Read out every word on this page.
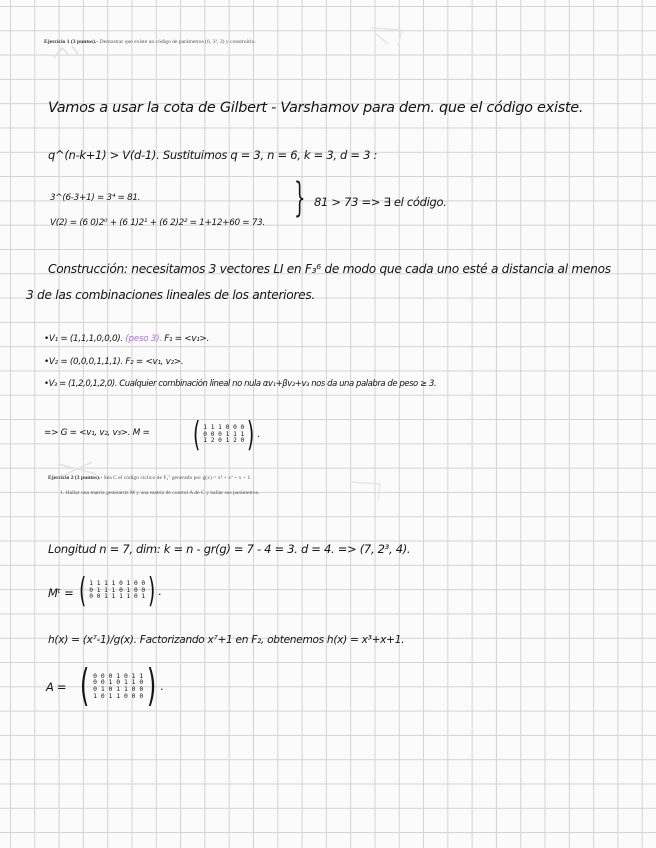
Ejercicio 1 (3 puntos).- Demostrar que existe un código de parámetros (6, 3³, 3) y construirlo.
Vamos a usar la cota de Gilbert - Varshamov para dem. que el código existe.
q^(n-k+1) > V(d-1). Sustituimos q = 3, n = 6, k = 3, d = 3 :
3^(6-3+1) = 3⁴ = 81.
V(2) = (6 0)2⁰ + (6 1)2¹ + (6 2)2² = 1+12+60 = 73.
} 81 > 73 => ∃ el código.
Construcción: necesitamos 3 vectores LI en F₃⁶ de modo que cada uno esté a distancia al menos
3 de las combinaciones lineales de los anteriores.
•V₁ = (1,1,1,0,0,0). (peso 3). F₁ = <v₁>.
•V₂ = (0,0,0,1,1,1). F₂ = <v₁, v₂>.
•V₃ = (1,2,0,1,2,0). Cualquier combinación lineal no nula αv₁+βv₂+v₃ nos da una palabra de peso ≥ 3.
=> G = <v₁, v₂, v₃>. M = ( 1 1 1 0 0 0
0 0 0 1 1 1
1 2 0 1 2 0 ) .
Ejercicio 2 (3 puntos).- Sea C el código cíclico de F₂⁷ generado por g(x) = x³ + x² + x + 1.
1. Hallar una matriz generatriz M y una matriz de control A de C y hallar sus parámetros.
Longitud n = 7, dim: k = n - gr(g) = 7 - 4 = 3. d = 4. => (7, 2³, 4).
Mᵗ = ( 1 1 1 1 0 1 0 0
0 1 1 1 0 1 0 0
0 0 1 1 1 1 0 1 ) .
h(x) = (x⁷-1)/g(x). Factorizando x⁷+1 en F₂, obtenemos h(x) = x³+x+1.
A = ( 0 0 0 1 0 1 1
0 0 1 0 1 1 0
0 1 0 1 1 0 0
1 0 1 1 0 0 0 ) .
